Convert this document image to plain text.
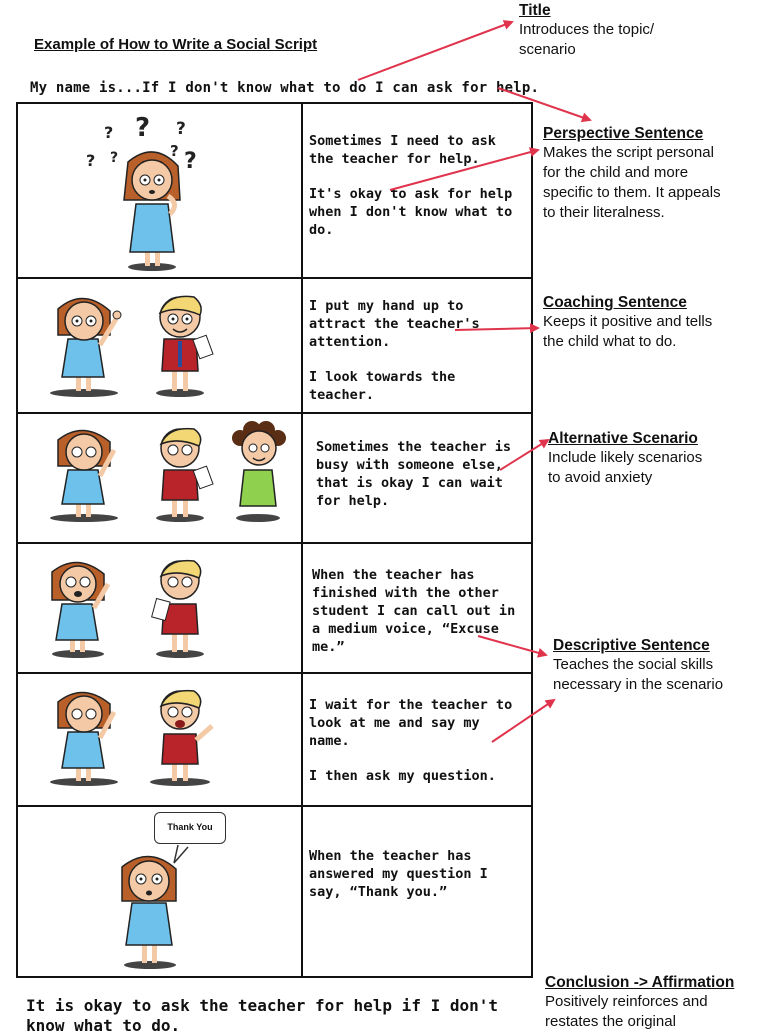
Example of How to Write a Social Script
My name is...If I don't know what to do I can ask for help.
? ? ?
? ?	? ?

Sometimes I need to ask the teacher for help.

It's okay to ask for help when I don't know what to do.

I put my hand up to attract the teacher's attention.

I look towards the teacher.

Sometimes the teacher is busy with someone else, that is okay I can wait for help.

When the teacher has finished with the other student I can call out in a medium voice, “Excuse me.”

I wait for the teacher to look at me and say my name.

I then ask my question.

When the teacher has answered my question I say, “Thank you.”

Thank You
Title
Introduces the topic/
scenario
Perspective Sentence
Makes the script personal
for the child and more
specific to them. It appeals
to their literalness.
Coaching Sentence
Keeps it positive and tells
the child what to do.
Alternative Scenario
Include likely scenarios
to avoid anxiety
Descriptive Sentence
Teaches the social skills
necessary in the scenario
Conclusion -> Affirmation
Positively reinforces and
restates the original
It is okay to ask the teacher for help if I don't know what to do.
